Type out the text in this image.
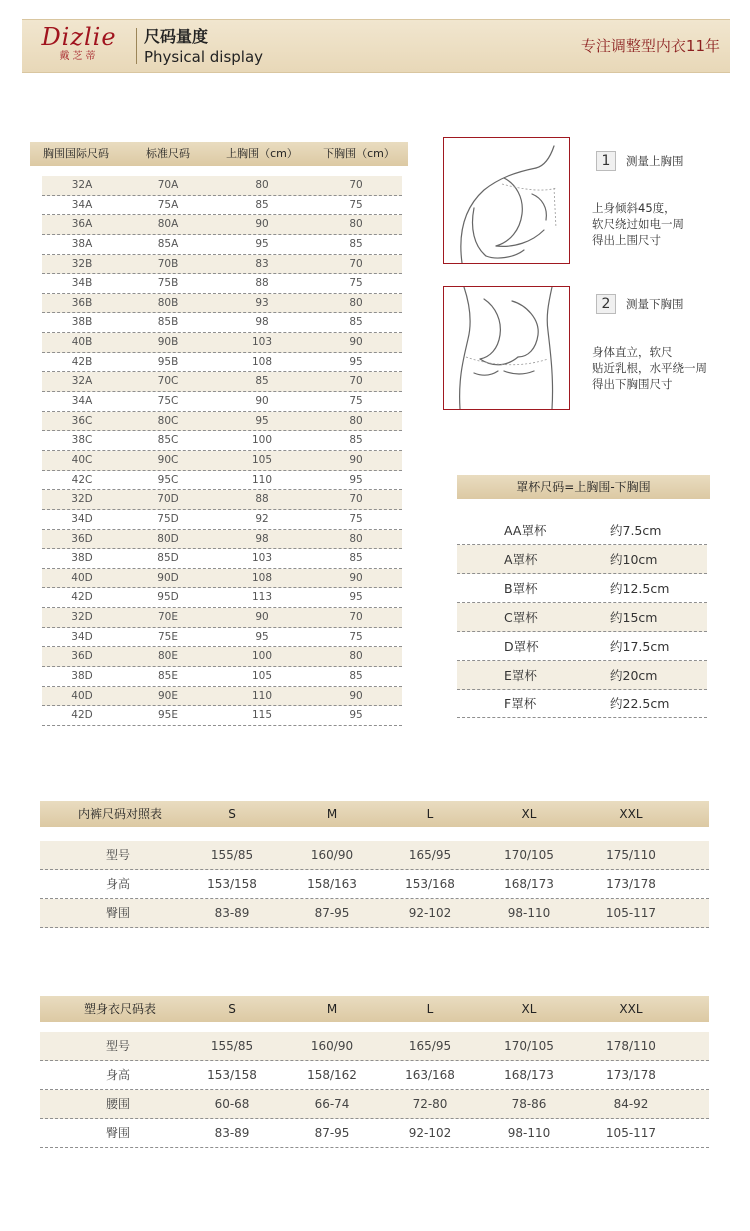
Dizlie
戴芝蒂
尺码量度
Physical display
专注调整型内衣11年
胸围国际尺码	标准尺码	上胸围（cm）	下胸围（cm）
32A	70A	80	70
34A	75A	85	75
36A	80A	90	80
38A	85A	95	85
32B	70B	83	70
34B	75B	88	75
36B	80B	93	80
38B	85B	98	85
40B	90B	103	90
42B	95B	108	95
32A	70C	85	70
34A	75C	90	75
36C	80C	95	80
38C	85C	100	85
40C	90C	105	90
42C	95C	110	95
32D	70D	88	70
34D	75D	92	75
36D	80D	98	80
38D	85D	103	85
40D	90D	108	90
42D	95D	113	95
32D	70E	90	70
34D	75E	95	75
36D	80E	100	80
38D	85E	105	85
40D	90E	110	90
42D	95E	115	95
1	测量上胸围
上身倾斜45度，
软尺绕过如电一周
得出上围尺寸
2	测量下胸围
身体直立，软尺
贴近乳根，水平绕一周
得出下胸围尺寸
罩杯尺码=上胸围-下胸围
AA罩杯	约7.5cm
A罩杯	约10cm
B罩杯	约12.5cm
C罩杯	约15cm
D罩杯	约17.5cm
E罩杯	约20cm
F罩杯	约22.5cm
内裤尺码对照表	S	M	L	XL	XXL
型号	155/85	160/90	165/95	170/105	175/110
身高	153/158	158/163	153/168	168/173	173/178
臀围	83-89	87-95	92-102	98-110	105-117
塑身衣尺码表	S	M	L	XL	XXL
型号	155/85	160/90	165/95	170/105	178/110
身高	153/158	158/162	163/168	168/173	173/178
腰围	60-68	66-74	72-80	78-86	84-92
臀围	83-89	87-95	92-102	98-110	105-117
